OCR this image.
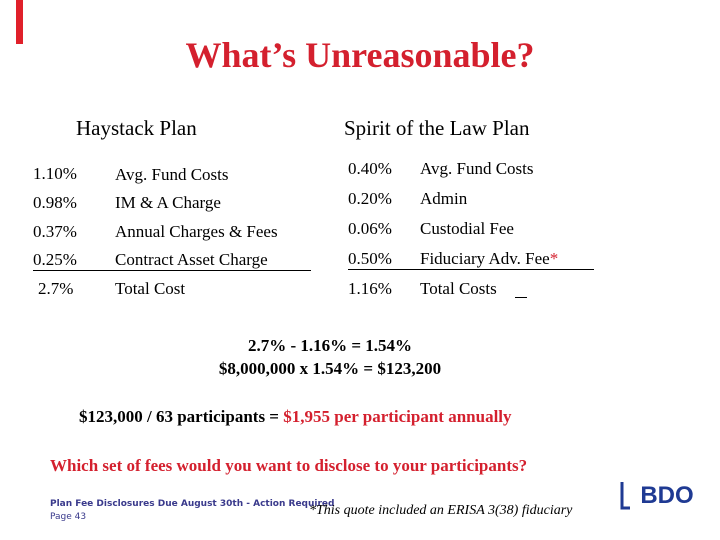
What’s Unreasonable?
Haystack Plan	Spirit of the Law Plan
1.10% Avg. Fund Costs
0.98% IM & A Charge
0.37% Annual Charges & Fees
0.25% Contract Asset Charge
2.7% Total Cost
0.40% Avg. Fund Costs
0.20% Admin
0.06% Custodial Fee
0.50% Fiduciary Adv. Fee*
1.16% Total Costs
2.7% - 1.16% = 1.54%
$8,000,000 x 1.54% = $123,200
$123,000 / 63 participants = $1,955 per participant annually
Which set of fees would you want to disclose to your participants?
Plan Fee Disclosures Due August 30th - Action Required
Page 43	*This quote included an ERISA 3(38) fiduciary
BDO
